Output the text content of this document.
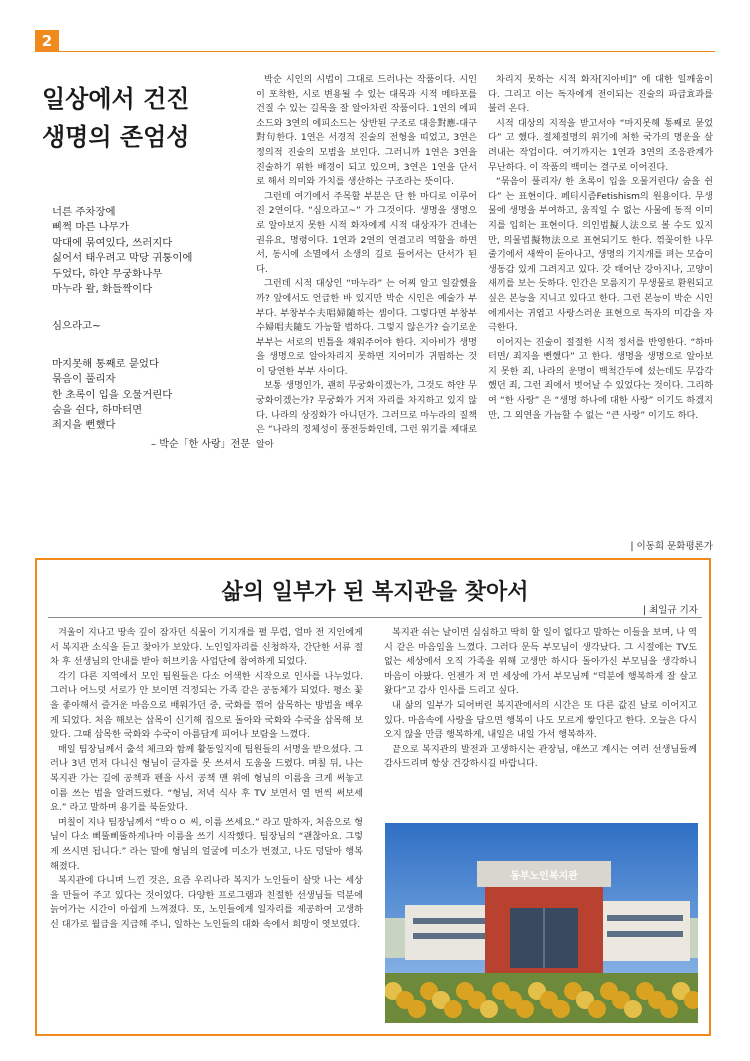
2
일상에서 건진
생명의 존엄성
너른 주차장에
삐쩍 마른 나무가
막대에 묶여있다, 쓰러지다
싫어서 태우려고 막당 귀퉁이에
두었다, 하얀 무궁화나무
마누라 왈, 화들짝이다
심으라고~
마지못해 통째로 묻었다
묶음이 풀리자
한 초록이 입을 오물거린다
숨을 쉰다, 하마터면
죄지을 뻔했다
– 박순「한 사랑」전문

박순 시인의 시법이 그대로 드러나는 작품이다. 시인이 포착한, 시로 변용될 수 있는 대목과 시적 메타포를 건질 수 있는 길목을 잘 알아차린 작품이다. 1연의 에피소드와 3연의 에피소드는 상반된 구조로 대응對應-대구對句한다. 1연은 서경적 진술의 전형을 띠었고, 3연은 정의적 진술의 모범을 보인다. 그러니까 1연은 3연을 진술하기 위한 배경이 되고 있으며, 3연은 1연을 단서로 해서 의미와 가치를 생산하는 구조라는 뜻이다.

그런데 여기에서 주목할 부분은 단 한 마디로 이루어진 2연이다. “심으라고~” 가 그것이다. 생명을 생명으로 알아보지 못한 시적 화자에게 시적 대상자가 건네는 권유요, 명령이다. 1연과 2연의 연결고리 역할을 하면서, 동시에 소멸에서 소생의 길로 들어서는 단서가 된다.

그런데 시적 대상인 “마누라” 는 어찌 알고 일갈했을까? 앞에서도 언급한 바 있지만 박순 시인은 예술가 부부다. 부창부수夫唱婦隨하는 셈이다. 그렇다면 부창부수婦唱夫隨도 가능할 법하다. 그렇지 않은가? 슬기로운 부부는 서로의 빈틈을 채워주어야 한다. 지아비가 생명을 생명으로 알아차리지 못하면 지어미가 귀띔하는 것이 당연한 부부 사이다.

보통 생명인가, 괜히 무궁화이겠는가, 그것도 하얀 무궁화이겠는가? 무궁화가 거저 자리를 차지하고 있지 않다. 나라의 상징화가 아니던가. 그러므로 마누라의 질책은 “나라의 정체성이 풍전등화인데, 그런 위기를 제대로 알아

차리지 못하는 시적 화자[지아비]” 에 대한 일깨움이다. 그리고 이는 독자에게 전이되는 진술의 파급효과를 불러 온다.

시적 대상의 지적을 받고서야 “마지못해 통째로 묻었다” 고 했다. 절체절명의 위기에 처한 국가의 명운을 살려내는 작업이다. 여기까지는 1연과 3연의 조응관계가 무난하다. 이 작품의 백미는 결구로 이어진다.

“묶음이 풀리자/ 한 초록이 입을 오물거린다/ 숨을 쉰다” 는 표현이다. 페티시즘Fetishism의 원용이다. 무생물에 생명을 부여하고, 움직일 수 없는 사물에 동적 이미지를 입히는 표현이다. 의인법擬人法으로 볼 수도 있지만, 의물법擬物法으로 표현되기도 한다. 꺾꽂이한 나무줄기에서 새싹이 돋아나고, 생명의 기지개를 펴는 모습이 생동감 있게 그려지고 있다. 갓 태어난 강아지나, 고양이 새끼를 보는 듯하다. 인간은 모름지기 무생물로 환원되고 싶은 본능을 지니고 있다고 한다. 그런 본능이 박순 시인에게서는 귀엽고 사랑스러운 표현으로 독자의 미감을 자극한다.

이어지는 진술이 절절한 시적 정서를 반영한다. “하마터면/ 죄지을 뻔했다” 고 한다. 생명을 생명으로 알아보지 못한 죄, 나라의 운명이 백척간두에 섰는데도 무감각했던 죄, 그런 죄에서 벗어날 수 있었다는 것이다. 그리하여 “한 사랑” 은 “생명 하나에 대한 사랑” 이기도 하겠지만, 그 외연을 가늠할 수 없는 “큰 사랑” 이기도 하다.

| 이동희 문화평론가
삶의 일부가 된 복지관을 찾아서
| 최일규 기자

겨울이 지나고 땅속 깊이 잠자던 식물이 기지개를 펼 무렵, 얼마 전 지인에게서 복지관 소식을 듣고 찾아가 보았다. 노인일자리를 신청하자, 간단한 서류 절차 후 선생님의 안내를 받아 허브키움 사업단에 참여하게 되었다.

각기 다른 지역에서 모인 팀원들은 다소 어색한 시작으로 인사를 나누었다. 그러나 어느덧 서로가 안 보이면 걱정되는 가족 같은 공동체가 되었다. 평소 꽃을 좋아해서 즐거운 마음으로 배워가던 중, 국화를 꺾어 삽목하는 방법을 배우게 되었다. 처음 해보는 삽목이 신기해 집으로 돌아와 국화와 수국을 삽목해 보았다. 그때 삽목한 국화와 수국이 아름답게 피어나 보람을 느꼈다.

매일 팀장님께서 출석 체크와 함께 활동일지에 팀원들의 서명을 받으셨다. 그러나 3년 먼저 다니신 형님이 글자를 못 쓰셔서 도움을 드렸다. 며칠 뒤, 나는 복지관 가는 길에 공책과 펜을 사서 공책 맨 위에 형님의 이름을 크게 써놓고 이름 쓰는 법을 알려드렸다. “형님, 저녁 식사 후 TV 보면서 열 번씩 써보세요.” 라고 말하며 용기를 북돋았다.

며칠이 지나 팀장님께서 “박ㅇㅇ 씨, 이름 쓰세요.” 라고 말하자, 처음으로 형님이 다소 삐뚤삐뚤하게나마 이름을 쓰기 시작했다. 팀장님의 “괜찮아요. 그렇게 쓰시면 됩니다.” 라는 말에 형님의 얼굴에 미소가 번졌고, 나도 덩달아 행복해졌다.

복지관에 다니며 느낀 것은, 요즘 우리나라 복지가 노인들이 살맛 나는 세상을 만들어 주고 있다는 것이었다. 다양한 프로그램과 친절한 선생님들 덕분에 늙어가는 시간이 아쉽게 느껴졌다. 또, 노인들에게 일자리를 제공하여 고생하신 대가로 월급을 지급해 주니, 일하는 노인들의 대화 속에서 희망이 엿보였다.

복지관 쉬는 날이면 심심하고 딱히 할 일이 없다고 말하는 이들을 보며, 나 역시 같은 마음임을 느꼈다. 그러다 문득 부모님이 생각났다. 그 시절에는 TV도 없는 세상에서 오직 가족을 위해 고생만 하시다 돌아가신 부모님을 생각하니 마음이 아팠다. 언젠가 저 먼 세상에 가서 부모님께 “덕분에 행복하게 잘 살고 왔다”고 감사 인사를 드리고 싶다.

내 삶의 일부가 되어버린 복지관에서의 시간은 또 다른 값진 날로 이어지고 있다. 마음속에 사랑을 담으면 행복이 나도 모르게 쌓인다고 한다. 오늘은 다시 오지 않을 만큼 행복하게, 내일은 내일 가서 행복하자.

끝으로 복지관의 발전과 고생하시는 관장님, 애쓰고 계시는 여러 선생님들께 감사드리며 항상 건강하시길 바랍니다.

동부노인복지관
